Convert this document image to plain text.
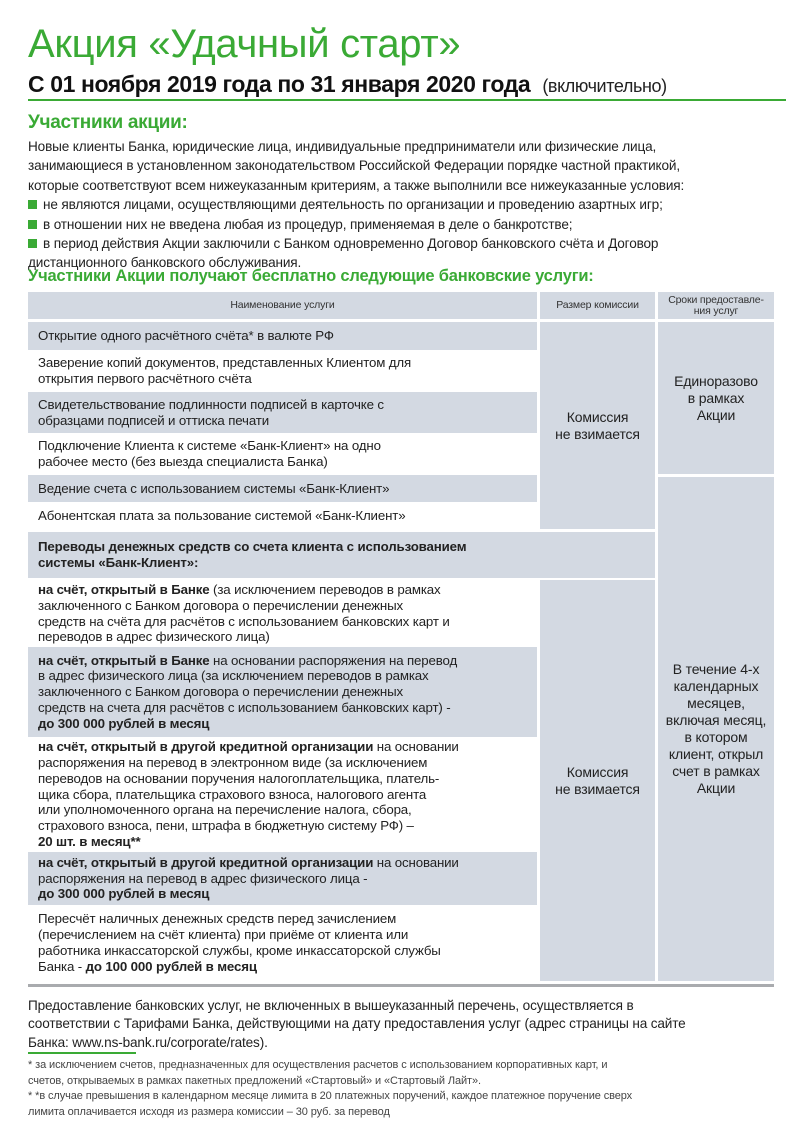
Акция «Удачный старт»
С 01 ноября 2019 года по 31 января 2020 года (включительно)
Участники акции:

Новые клиенты Банка, юридические лица, индивидуальные предприниматели или физические лица,

занимающиеся в установленном законодательством Российской Федерации порядке частной практикой,

которые соответствуют всем нижеуказанным критериям, а также выполнили все нижеуказанные условия:

не являются лицами, осуществляющими деятельность по организации и проведению азартных игр;

в отношении них не введена любая из процедур, применяемая в деле о банкротстве;

в период действия Акции заключили с Банком одновременно Договор банковского счёта и Договор

дистанционного банковского обслуживания.

Участники Акции получают бесплатно следующие банковские услуги:
Наименование услуги	Размер комиссии	Сроки предоставле-
ния услуг

Открытие одного расчётного счёта* в валюте РФ

Заверение копий документов, представленных Клиентом для

открытия первого расчётного счёта

Свидетельствование подлинности подписей в карточке с

образцами подписей и оттиска печати

Подключение Клиента к системе «Банк-Клиент» на одно

рабочее место (без выезда специалиста Банка)

Ведение счета с использованием системы «Банк-Клиент»

Абонентская плата за пользование системой «Банк-Клиент»

Комиссия

не взимается

Единоразово

в рамках

Акции

Переводы денежных средств со счета клиента с использованием

системы «Банк-Клиент»:

на счёт, открытый в Банке (за исключением переводов в рамках

заключенного с Банком договора о перечислении денежных

средств на счёта для расчётов с использованием банковских карт и

переводов в адрес физического лица)

на счёт, открытый в Банке на основании распоряжения на перевод

в адрес физического лица (за исключением переводов в рамках

заключенного с Банком договора о перечислении денежных

средств на счета для расчётов с использованием банковских карт) -

до 300 000 рублей в месяц

на счёт, открытый в другой кредитной организации на основании

распоряжения на перевод в электронном виде (за исключением

переводов на основании поручения налогоплательщика, платель-

щика сбора, плательщика страхового взноса, налогового агента

или уполномоченного органа на перечисление налога, сбора,

страхового взноса, пени, штрафа в бюджетную систему РФ) –

20 шт. в месяц**

на счёт, открытый в другой кредитной организации на основании

распоряжения на перевод в адрес физического лица -

до 300 000 рублей в месяц

Пересчёт наличных денежных средств перед зачислением

(перечислением на счёт клиента) при приёме от клиента или

работника инкассаторской службы, кроме инкассаторской службы

Банка - до 100 000 рублей в месяц

Комиссия

не взимается

В течение 4-х

календарных

месяцев,

включая месяц,

в котором

клиент, открыл

счет в рамках

Акции

Предоставление банковских услуг, не включенных в вышеуказанный перечень, осуществляется в

соответствии с Тарифами Банка, действующими на дату предоставления услуг (адрес страницы на сайте

Банка: www.ns-bank.ru/corporate/rates).

* за исключением счетов, предназначенных для осуществления расчетов с использованием корпоративных карт, и

счетов, открываемых в рамках пакетных предложений «Стартовый» и «Стартовый Лайт».

* *в случае превышения в календарном месяце лимита в 20 платежных поручений, каждое платежное поручение сверх

лимита оплачивается исходя из размера комиссии – 30 руб. за перевод
